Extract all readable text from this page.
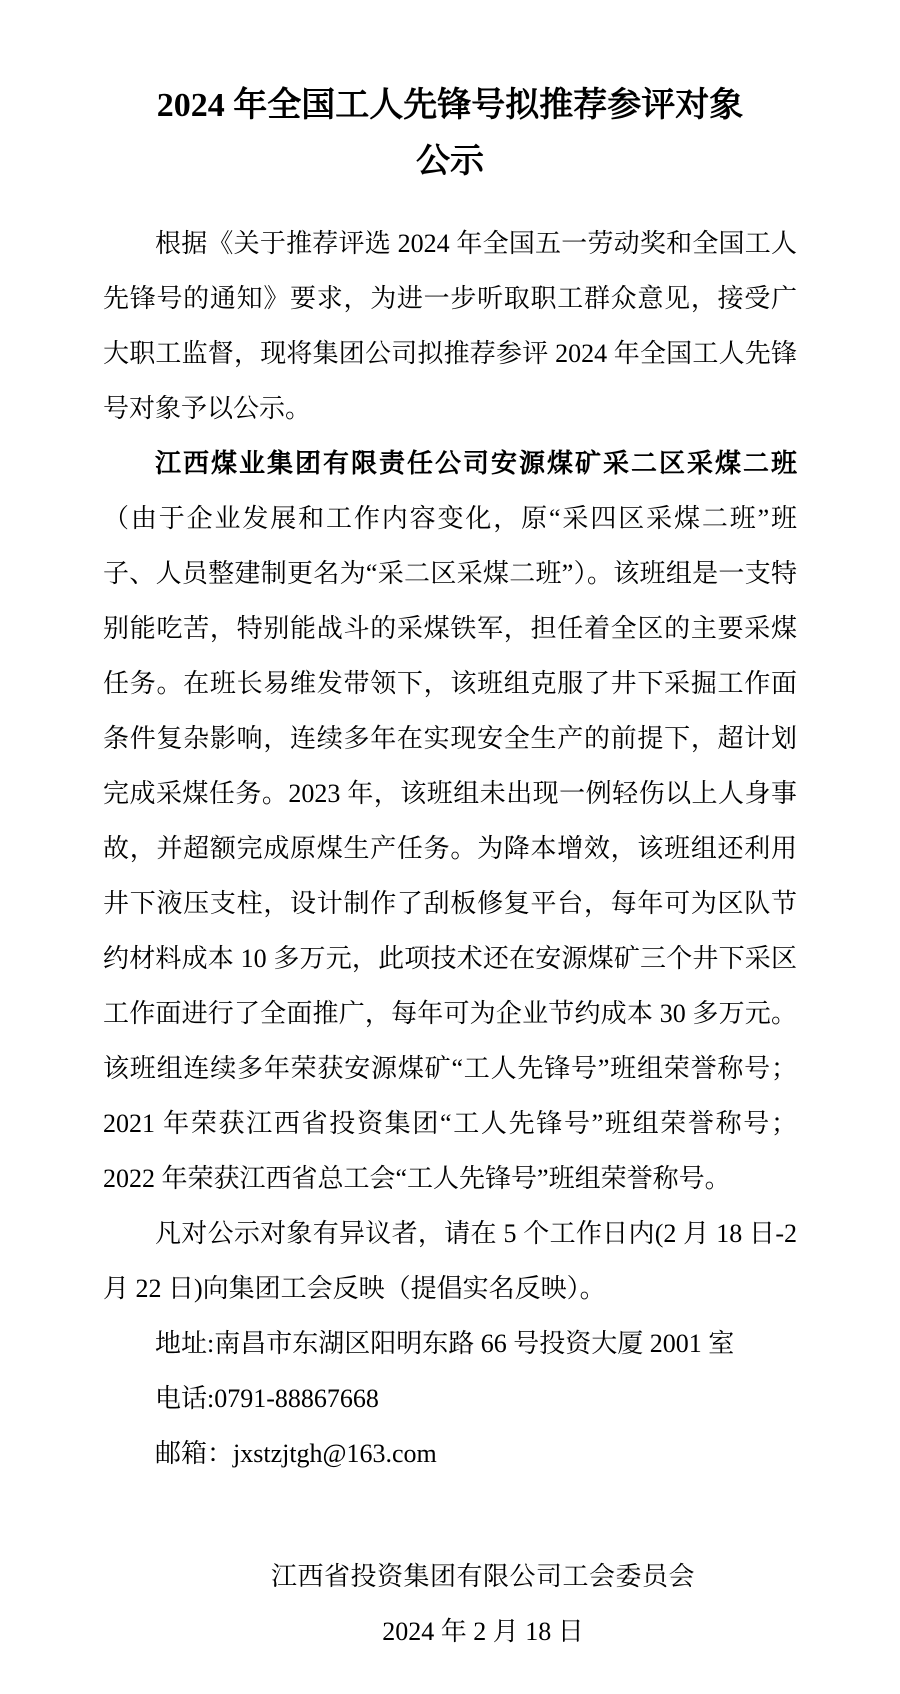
2024 年全国工人先锋号拟推荐参评对象
公示

根据《关于推荐评选 2024 年全国五一劳动奖和全国工人先锋号的通知》要求，为进一步听取职工群众意见，接受广大职工监督，现将集团公司拟推荐参评 2024 年全国工人先锋号对象予以公示。

江西煤业集团有限责任公司安源煤矿采二区采煤二班（由于企业发展和工作内容变化，原“采四区采煤二班”班子、人员整建制更名为“采二区采煤二班”）。该班组是一支特别能吃苦，特别能战斗的采煤铁军，担任着全区的主要采煤任务。在班长易维发带领下，该班组克服了井下采掘工作面条件复杂影响，连续多年在实现安全生产的前提下，超计划完成采煤任务。2023 年，该班组未出现一例轻伤以上人身事故，并超额完成原煤生产任务。为降本增效，该班组还利用井下液压支柱，设计制作了刮板修复平台，每年可为区队节约材料成本 10 多万元，此项技术还在安源煤矿三个井下采区工作面进行了全面推广，每年可为企业节约成本 30 多万元。该班组连续多年荣获安源煤矿“工人先锋号”班组荣誉称号；2021 年荣获江西省投资集团“工人先锋号”班组荣誉称号；2022 年荣获江西省总工会“工人先锋号”班组荣誉称号。

凡对公示对象有异议者，请在 5 个工作日内(2 月 18 日-2 月 22 日)向集团工会反映（提倡实名反映）。

地址:南昌市东湖区阳明东路 66 号投资大厦 2001 室

电话:0791-88867668

邮箱：jxstzjtgh@163.com

江西省投资集团有限公司工会委员会
2024 年 2 月 18 日
